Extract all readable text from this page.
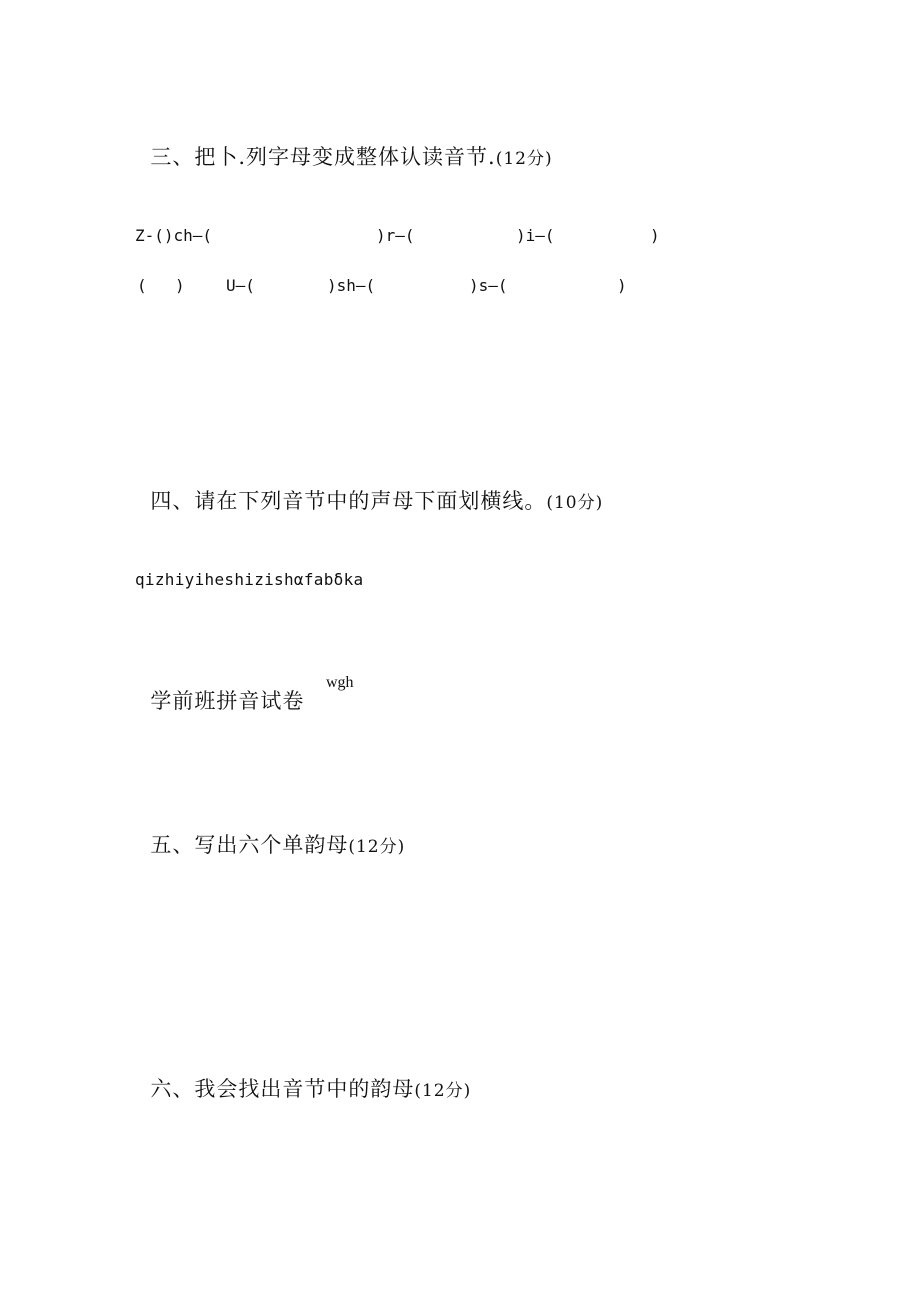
三、把卜.列字母变成整体认读音节.(12分)

Z-()ch—(	)r—(	)i—(	)
( )	U—(	)sh—(	)s—(	)

四、请在下列音节中的声母下面划横线。(10分)

qizhiyiheshizishαfabδka

学前班拼音试卷

wgh

五、写出六个单韵母(12分)

六、我会找出音节中的韵母(12分)
